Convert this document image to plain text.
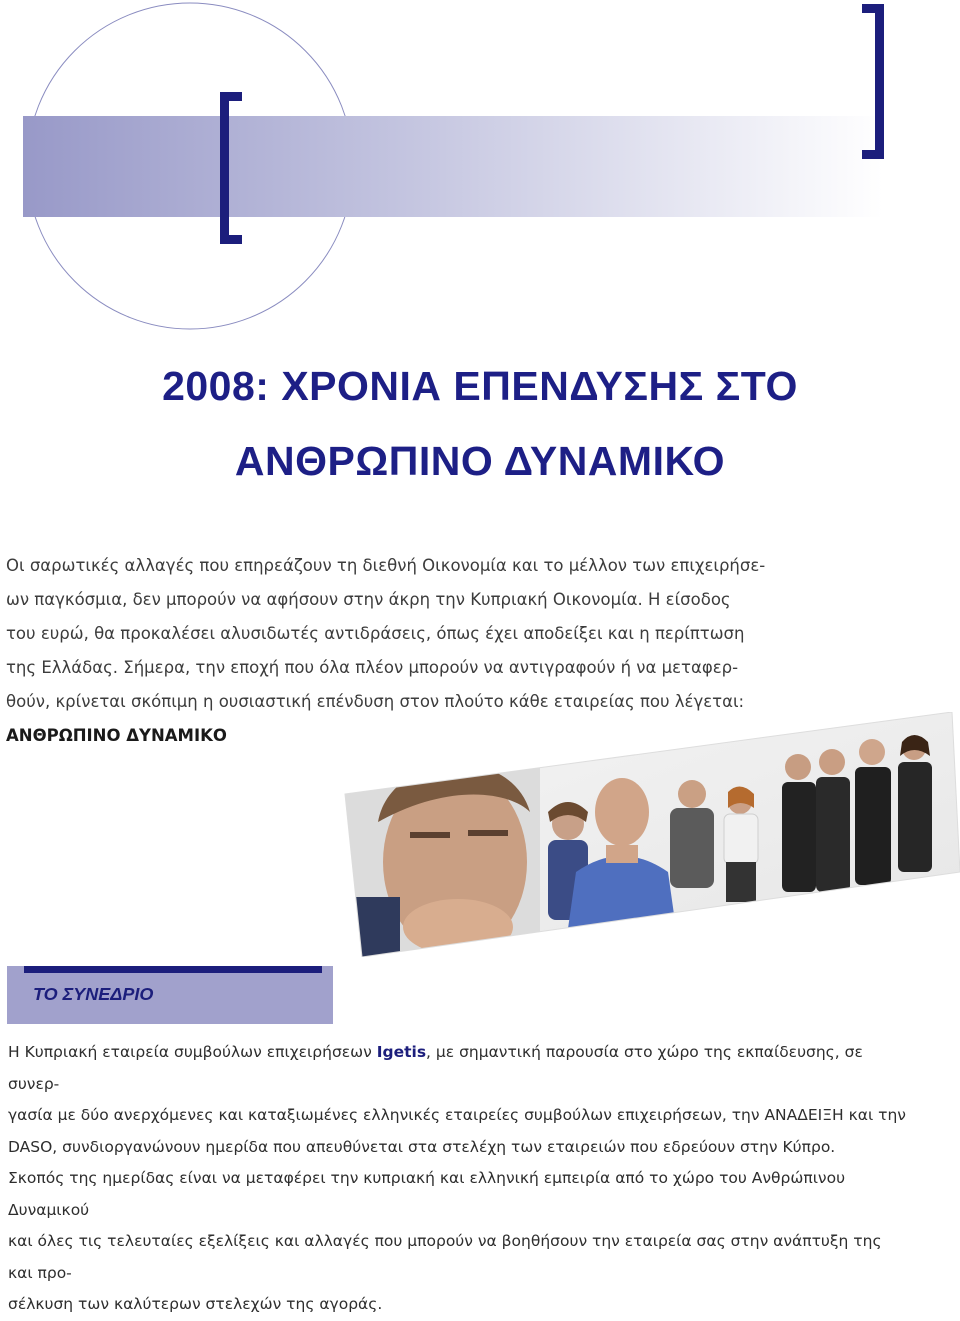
2008: ΧΡΟΝΙΑ ΕΠΕΝΔΥΣΗΣ ΣΤΟ
ΑΝΘΡΩΠΙΝΟ ΔΥΝΑΜΙΚΟ

Οι σαρωτικές αλλαγές που επηρεάζουν τη διεθνή Οικονομία και το μέλλον των επιχειρήσε-

ων παγκόσμια, δεν μπορούν να αφήσουν στην άκρη την Κυπριακή Οικονομία. Η είσοδος

του ευρώ, θα προκαλέσει αλυσιδωτές αντιδράσεις, όπως έχει αποδείξει και η περίπτωση

της Ελλάδας. Σήμερα, την εποχή που όλα πλέον μπορούν να αντιγραφούν ή να μεταφερ-

θούν, κρίνεται σκόπιμη η ουσιαστική επένδυση στον πλούτο κάθε εταιρείας που λέγεται:

ΑΝΘΡΩΠΙΝΟ ΔΥΝΑΜΙΚΟ

ΤΟ ΣΥΝΕΔΡΙΟ

Η Κυπριακή εταιρεία συμβούλων επιχειρήσεων Igetis, με σημαντική παρουσία στο χώρο της εκπαίδευσης, σε συνερ-

γασία με δύο ανερχόμενες και καταξιωμένες ελληνικές εταιρείες συμβούλων επιχειρήσεων, την ΑΝΑΔΕΙΞΗ και την

DASO, συνδιοργανώνουν ημερίδα που απευθύνεται στα στελέχη των εταιρειών που εδρεύουν στην Κύπρο.

Σκοπός της ημερίδας είναι να μεταφέρει την κυπριακή και ελληνική εμπειρία από το χώρο του Ανθρώπινου Δυναμικού

και όλες τις τελευταίες εξελίξεις και αλλαγές που μπορούν να βοηθήσουν την εταιρεία σας στην ανάπτυξη της και προ-

σέλκυση των καλύτερων στελεχών της αγοράς.
